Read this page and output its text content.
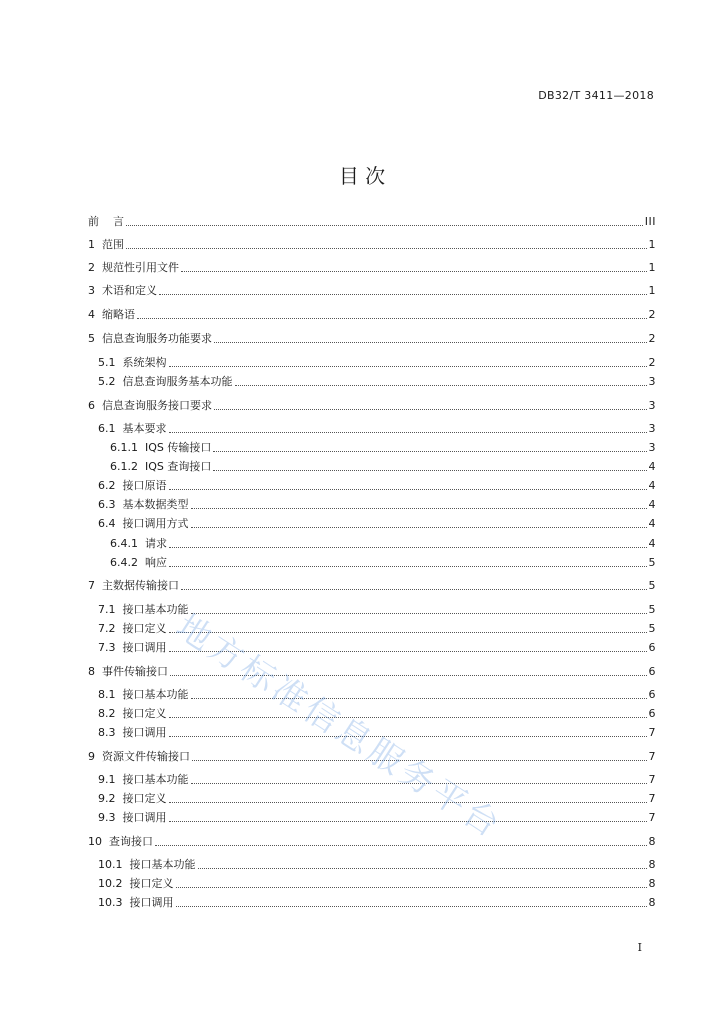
DB32/T 3411—2018
目 次
前    言	III
1  范围	1
2  规范性引用文件	1
3  术语和定义	1
4  缩略语	2
5  信息查询服务功能要求	2
5.1  系统架构	2
5.2  信息查询服务基本功能	3
6  信息查询服务接口要求	3
6.1  基本要求	3
6.1.1  IQS 传输接口	3
6.1.2  IQS 查询接口	4
6.2  接口原语	4
6.3  基本数据类型	4
6.4  接口调用方式	4
6.4.1  请求	4
6.4.2  响应	5
7  主数据传输接口	5
7.1  接口基本功能	5
7.2  接口定义	5
7.3  接口调用	6
8  事件传输接口	6
8.1  接口基本功能	6
8.2  接口定义	6
8.3  接口调用	7
9  资源文件传输接口	7
9.1  接口基本功能	7
9.2  接口定义	7
9.3  接口调用	7
10  查询接口	8
10.1  接口基本功能	8
10.2  接口定义	8
10.3  接口调用	8
地方标准信息服务平台
I
